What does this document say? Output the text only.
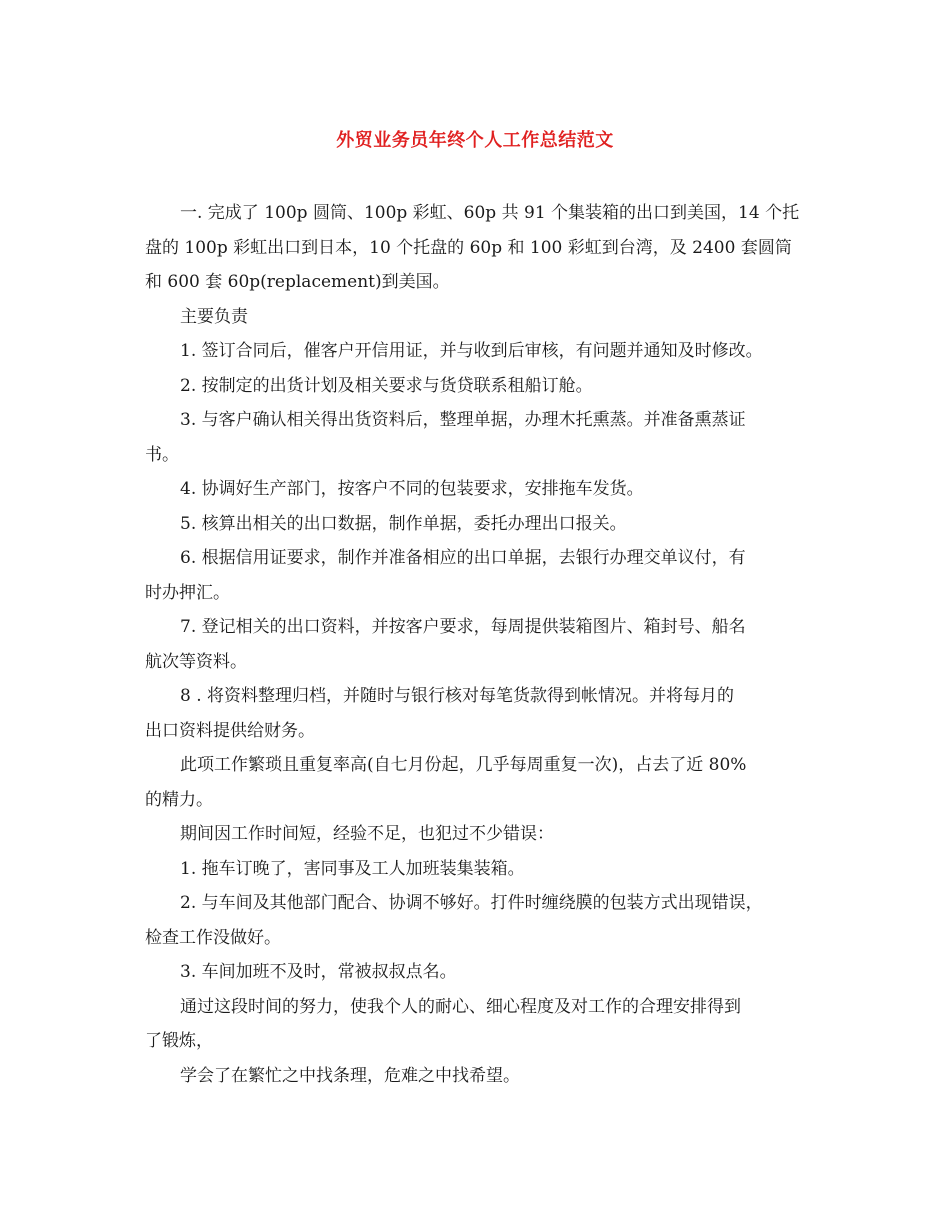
外贸业务员年终个人工作总结范文
一. 完成了 100p 圆筒、100p 彩虹、60p 共 91 个集装箱的出口到美国，14 个托
盘的 100p 彩虹出口到日本，10 个托盘的 60p 和 100 彩虹到台湾，及 2400 套圆筒
和 600 套 60p(replacement)到美国。
主要负责
1. 签订合同后，催客户开信用证，并与收到后审核，有问题并通知及时修改。
2. 按制定的出货计划及相关要求与货贷联系租船订舱。
3. 与客户确认相关得出货资料后，整理单据，办理木托熏蒸。并准备熏蒸证
书。
4. 协调好生产部门，按客户不同的包装要求，安排拖车发货。
5. 核算出相关的出口数据，制作单据，委托办理出口报关。
6. 根据信用证要求，制作并准备相应的出口单据，去银行办理交单议付，有
时办押汇。
7. 登记相关的出口资料，并按客户要求，每周提供装箱图片、箱封号、船名
航次等资料。
8 . 将资料整理归档，并随时与银行核对每笔货款得到帐情况。并将每月的
出口资料提供给财务。
此项工作繁琐且重复率高(自七月份起，几乎每周重复一次)，占去了近 80%
的精力。
期间因工作时间短，经验不足，也犯过不少错误：
1. 拖车订晚了，害同事及工人加班装集装箱。
2. 与车间及其他部门配合、协调不够好。打件时缠绕膜的包装方式出现错误，
检查工作没做好。
3. 车间加班不及时，常被叔叔点名。
通过这段时间的努力，使我个人的耐心、细心程度及对工作的合理安排得到
了锻炼，
学会了在繁忙之中找条理，危难之中找希望。
